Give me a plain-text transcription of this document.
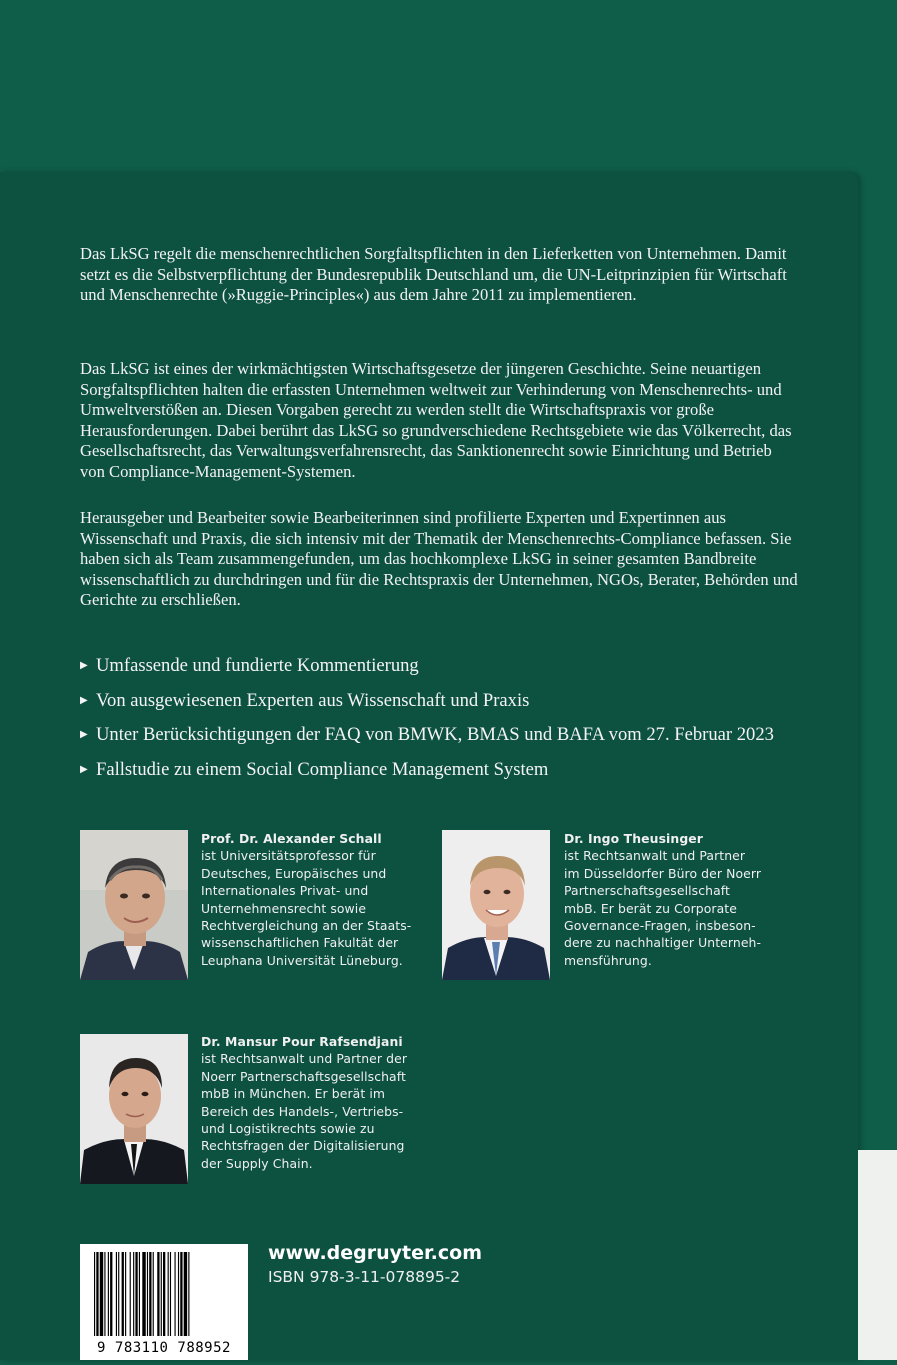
Das LkSG regelt die menschenrechtlichen Sorgfaltspflichten in den Lieferketten von Unternehmen. Damit setzt es die Selbstverpflichtung der Bundesrepublik Deutschland um, die UN-Leitprinzipien für Wirtschaft und Menschenrechte (»Ruggie-Principles«) aus dem Jahre 2011 zu implementieren.

Das LkSG ist eines der wirkmächtigsten Wirtschaftsgesetze der jüngeren Geschichte. Seine neuartigen Sorgfaltspflichten halten die erfassten Unternehmen weltweit zur Verhinderung von Menschenrechts- und Umweltverstößen an. Diesen Vorgaben gerecht zu werden stellt die Wirtschaftspraxis vor große Herausforderungen. Dabei berührt das LkSG so grundverschiedene Rechtsgebiete wie das Völkerrecht, das Gesellschaftsrecht, das Verwaltungsverfahrensrecht, das Sanktionenrecht sowie Einrichtung und Betrieb von Compliance-Management-Systemen.

Herausgeber und Bearbeiter sowie Bearbeiterinnen sind profilierte Experten und Expertinnen aus Wissenschaft und Praxis, die sich intensiv mit der Thematik der Menschenrechts-Compliance befassen. Sie haben sich als Team zusammengefunden, um das hochkomplexe LkSG in seiner gesamten Bandbreite wissenschaftlich zu durchdringen und für die Rechtspraxis der Unternehmen, NGOs, Berater, Behörden und Gerichte zu erschließen.

▶ Umfassende und fundierte Kommentierung
▶ Von ausgewiesenen Experten aus Wissenschaft und Praxis
▶ Unter Berücksichtigungen der FAQ von BMWK, BMAS und BAFA vom 27. Februar 2023
▶ Fallstudie zu einem Social Compliance Management System
Prof. Dr. Alexander Schall
ist Universitätsprofessor für
Deutsches, Europäisches und
Internationales Privat- und
Unternehmensrecht sowie
Rechtvergleichung an der Staats-
wissenschaftlichen Fakultät der
Leuphana Universität Lüneburg.
Dr. Ingo Theusinger
ist Rechtsanwalt und Partner
im Düsseldorfer Büro der Noerr
Partnerschaftsgesellschaft
mbB. Er berät zu Corporate
Governance-Fragen, insbeson-
dere zu nachhaltiger Unterneh-
mensführung.
Dr. Mansur Pour Rafsendjani
ist Rechtsanwalt und Partner der
Noerr Partnerschaftsgesellschaft
mbB in München. Er berät im
Bereich des Handels-, Vertriebs-
und Logistikrechts sowie zu
Rechtsfragen der Digitalisierung
der Supply Chain.
9 783110 788952
www.degruyter.com
ISBN 978-3-11-078895-2
